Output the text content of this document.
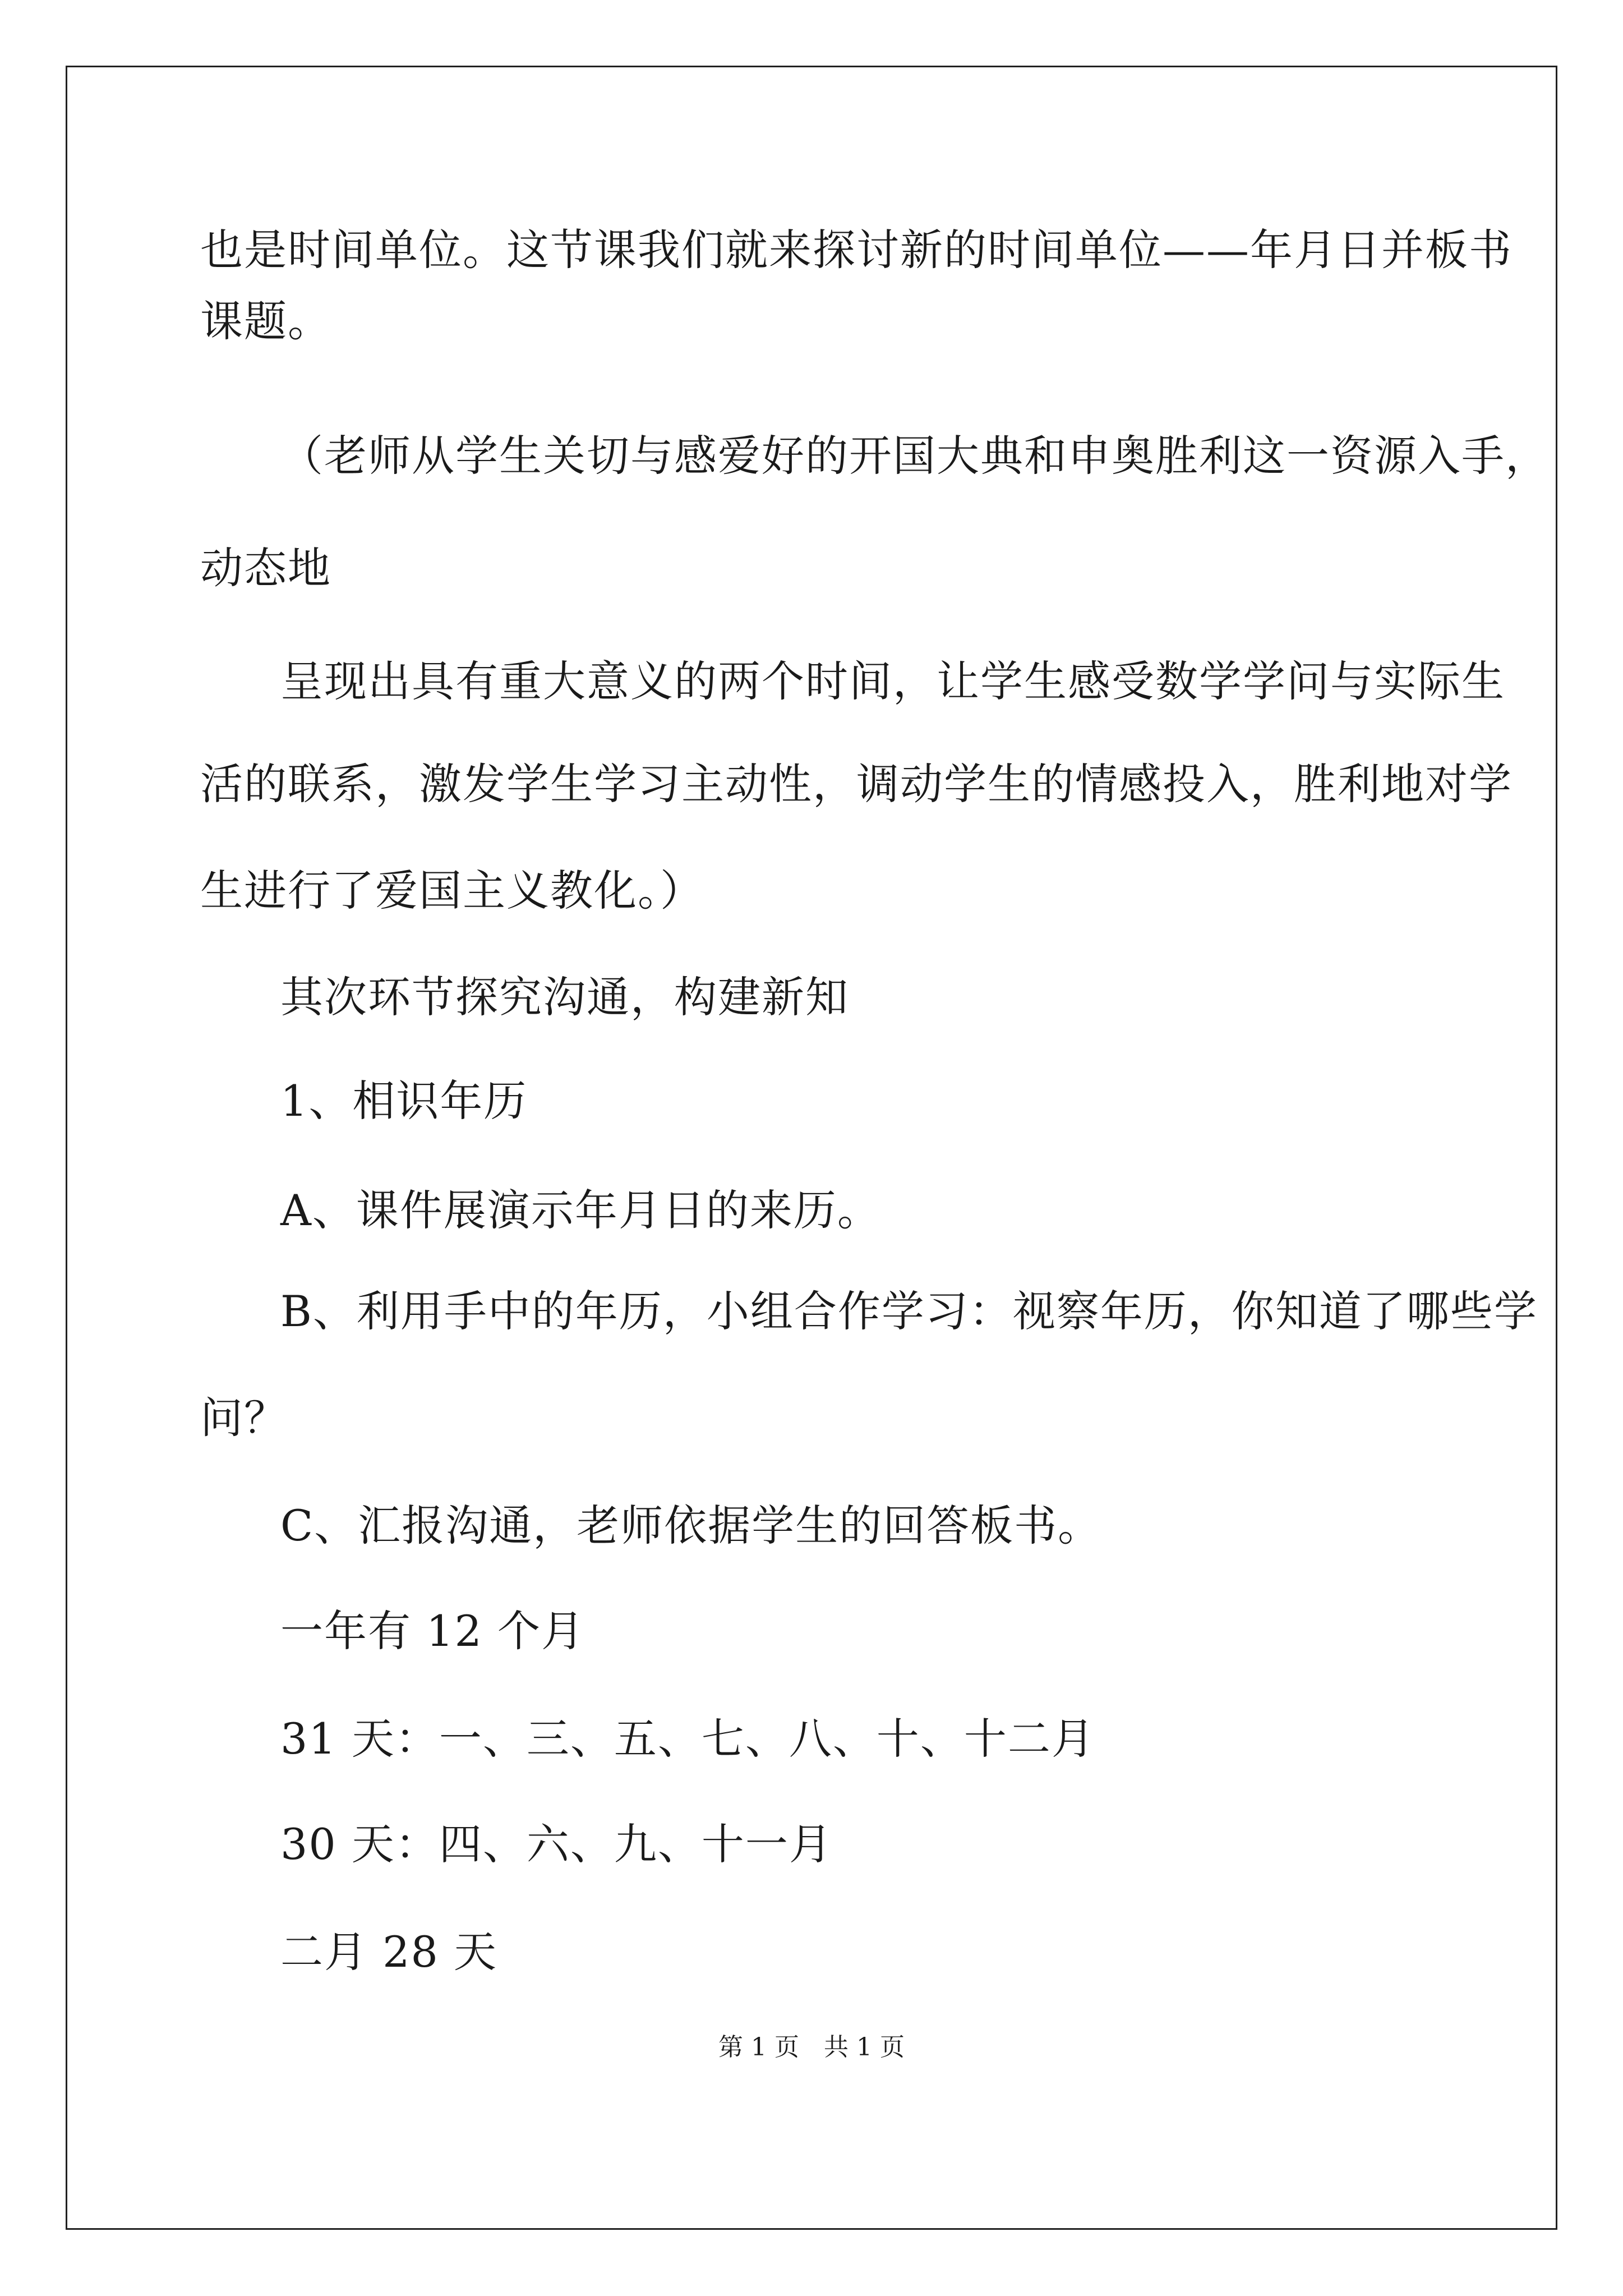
也是时间单位。这节课我们就来探讨新的时间单位——年月日并板书
课题。
（老师从学生关切与感爱好的开国大典和申奥胜利这一资源入手，
动态地
呈现出具有重大意义的两个时间，让学生感受数学学问与实际生
活的联系，激发学生学习主动性，调动学生的情感投入，胜利地对学
生进行了爱国主义教化。）
其次环节探究沟通，构建新知
1、相识年历
A、课件展演示年月日的来历。
B、利用手中的年历，小组合作学习：视察年历，你知道了哪些学
问？
C、汇报沟通，老师依据学生的回答板书。
一年有 12 个月
31 天：一、三、五、七、八、十、十二月
30 天：四、六、九、十一月
二月 28 天
第 1 页 共 1 页
